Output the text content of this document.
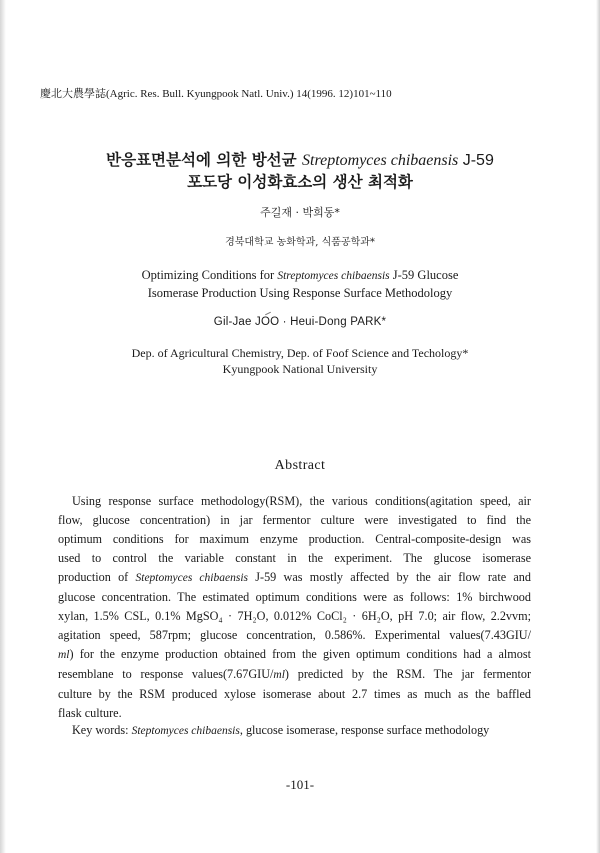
慶北大農學誌(Agric. Res. Bull. Kyungpook Natl. Univ.) 14(1996. 12)101~110
반응표면분석에 의한 방선균 Streptomyces chibaensis J-59
포도당 이성화효소의 생산 최적화
주길재 · 박희동*
경북대학교 농화학과, 식품공학과*
Optimizing Conditions for Streptomyces chibaensis J-59 Glucose
Isomerase Production Using Response Surface Methodology
Gil-Jae JOO · Heui-Dong PARK*
Dep. of Agricultural Chemistry, Dep. of Foof Science and Techology*
Kyungpook National University
Abstract
Using response surface methodology(RSM), the various conditions(agitation speed, air
flow, glucose concentration) in jar fermentor culture were investigated to find the
optimum conditions for maximum enzyme production. Central-composite-design was
used to control the variable constant in the experiment. The glucose isomerase
production of Steptomyces chibaensis J-59 was mostly affected by the air flow rate and
glucose concentration. The estimated optimum conditions were as follows: 1% birchwood
xylan, 1.5% CSL, 0.1% MgSO₄ · 7H₂O, 0.012% CoCl₂ · 6H₂O, pH 7.0; air flow, 2.2vvm;
agitation speed, 587rpm; glucose concentration, 0.586%. Experimental values(7.43GIU/
ml) for the enzyme production obtained from the given optimum conditions had a almost
resemblane to response values(7.67GIU/ml) predicted by the RSM. The jar fermentor
culture by the RSM produced xylose isomerase about 2.7 times as much as the baffled
flask culture.
Key words: Steptomyces chibaensis, glucose isomerase, response surface methodology
-101-
